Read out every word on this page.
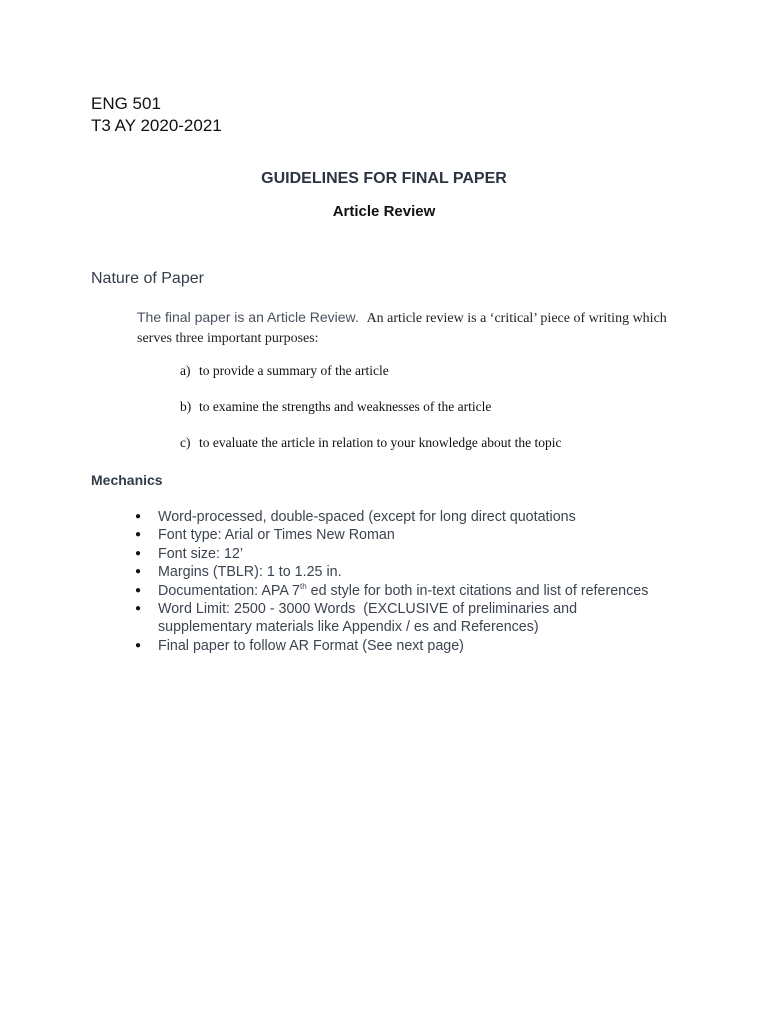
ENG 501
T3 AY 2020-2021
GUIDELINES FOR FINAL PAPER
Article Review
Nature of Paper
The final paper is an Article Review. An article review is a ‘critical’ piece of writing which serves three important purposes:
a) to provide a summary of the article
b) to examine the strengths and weaknesses of the article
c) to evaluate the article in relation to your knowledge about the topic
Mechanics
● Word-processed, double-spaced (except for long direct quotations
● Font type: Arial or Times New Roman
● Font size: 12’
● Margins (TBLR): 1 to 1.25 in.
● Documentation: APA 7th ed style for both in-text citations and list of references
● Word Limit: 2500 - 3000 Words  (EXCLUSIVE of preliminaries and supplementary materials like Appendix / es and References)
● Final paper to follow AR Format (See next page)
